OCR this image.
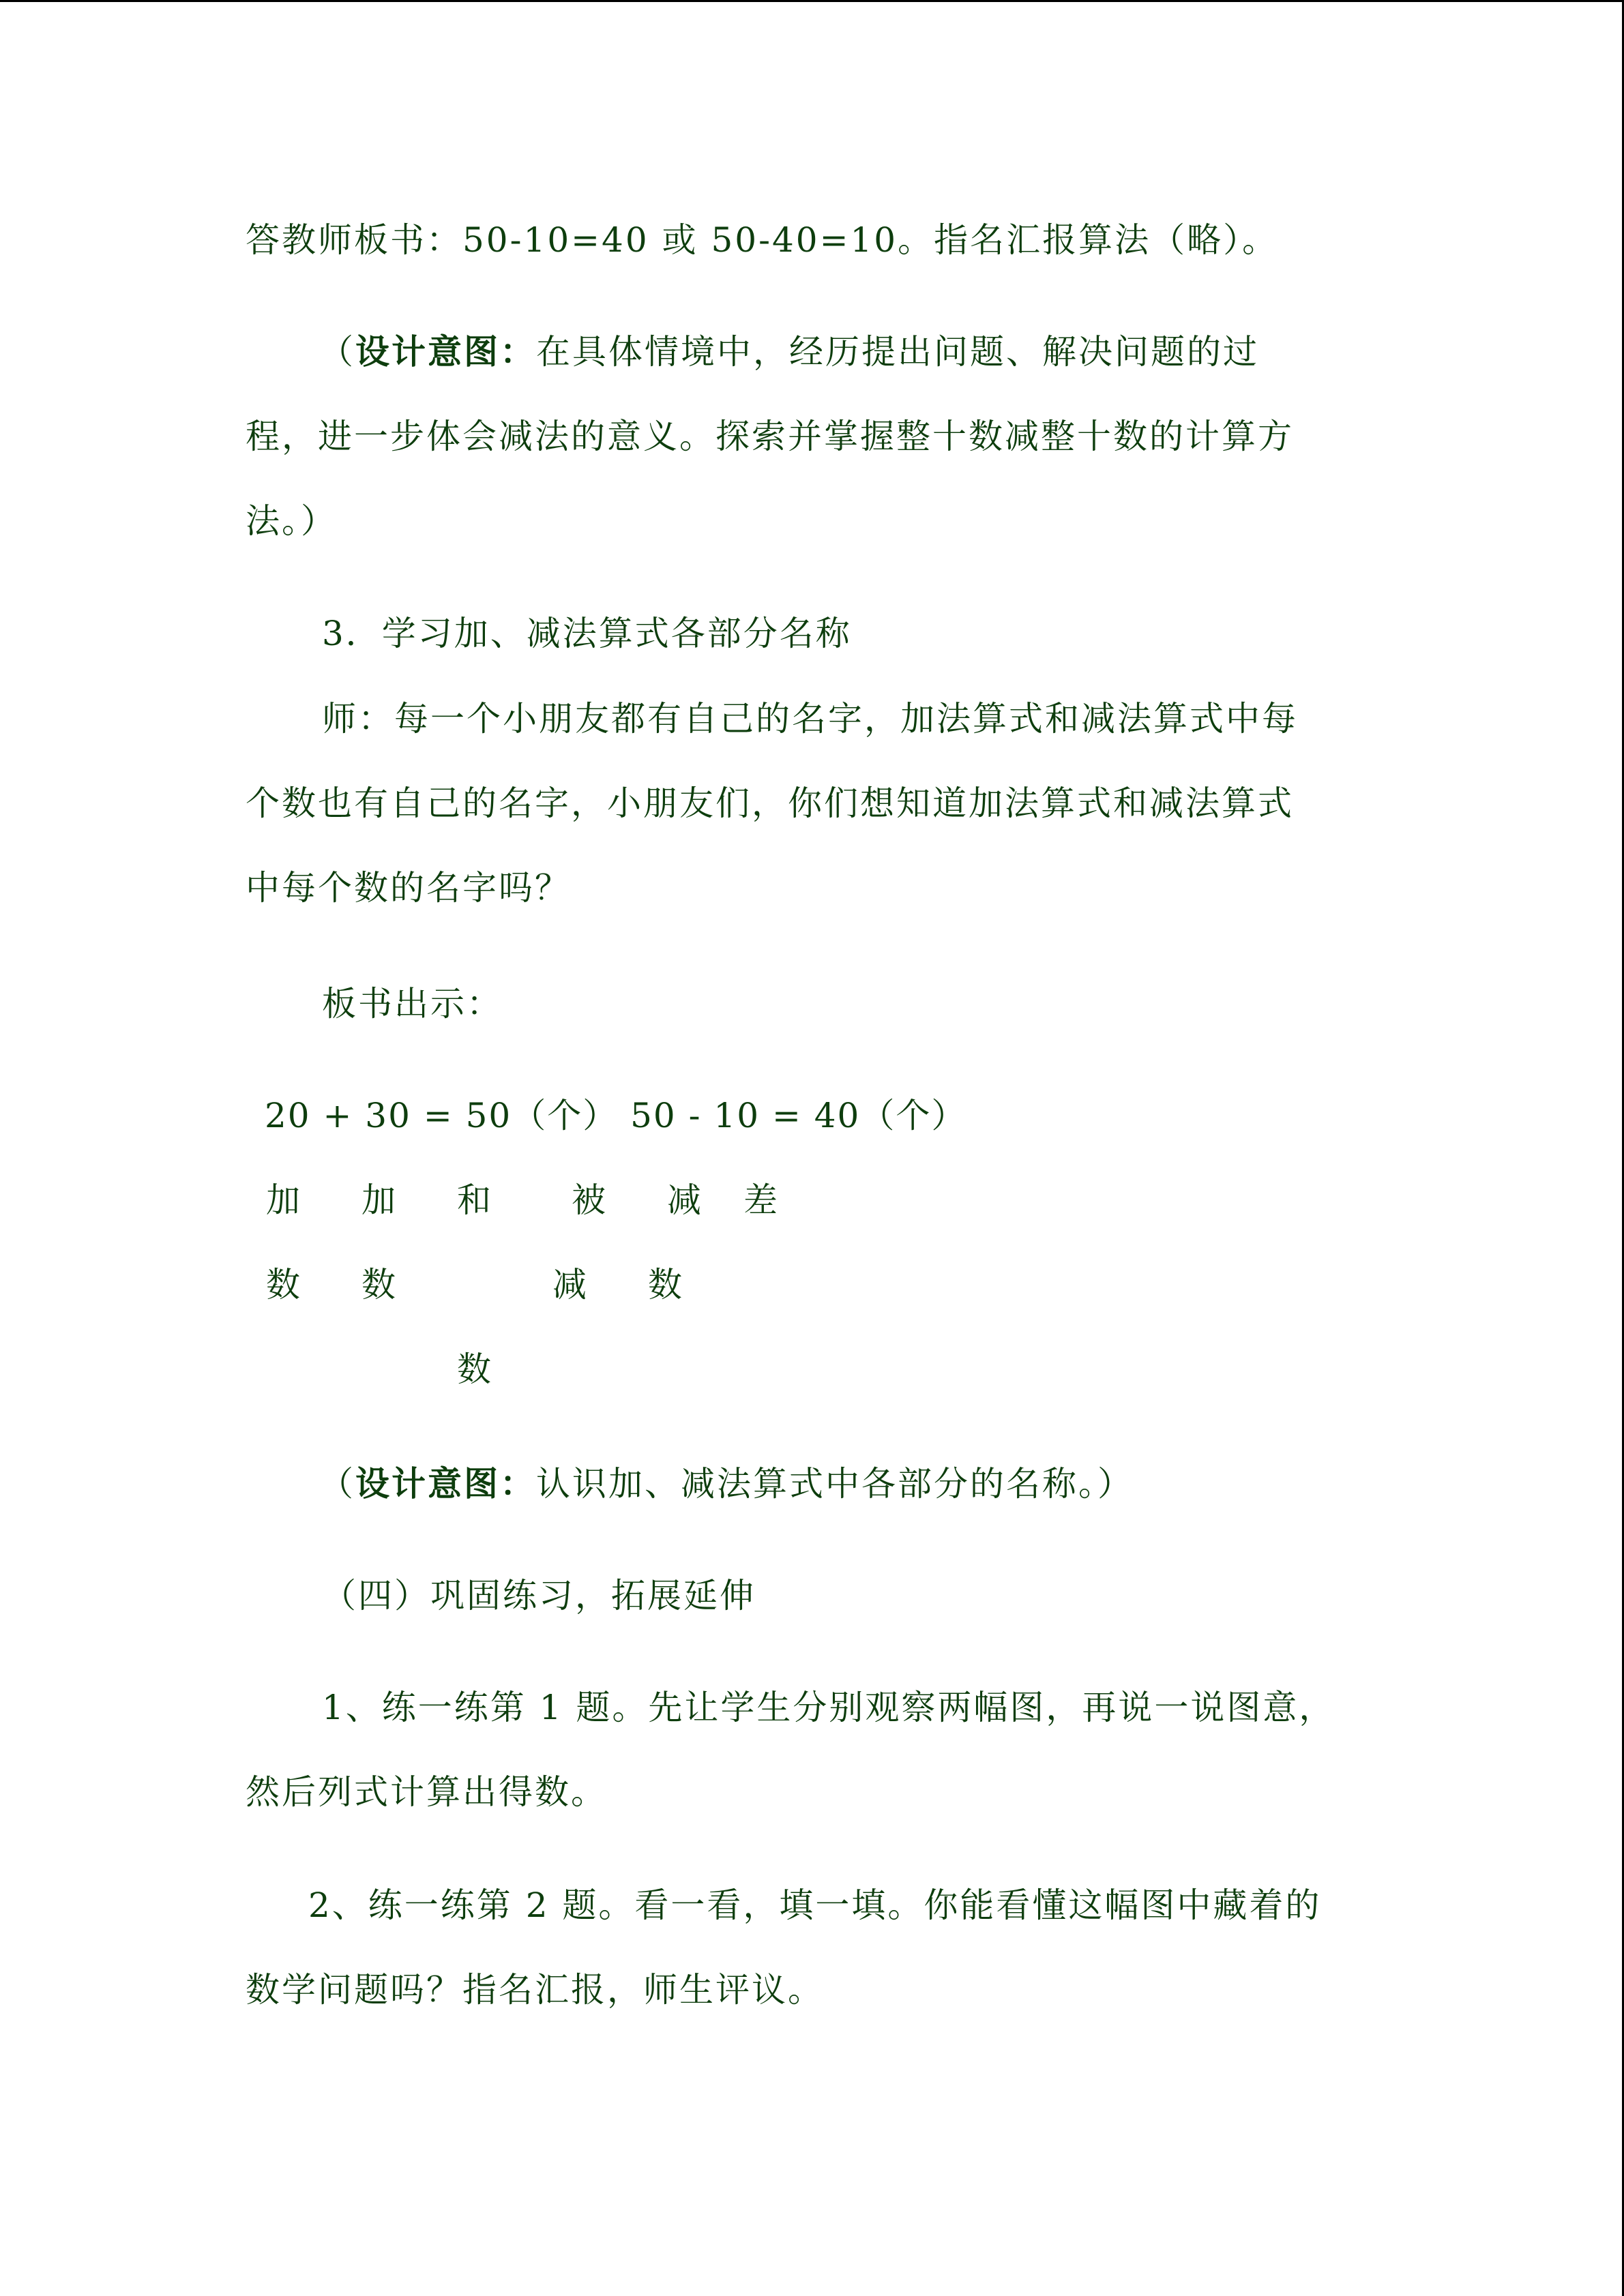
答教师板书：50-10=40 或 50-40=10。指名汇报算法（略）。
（设计意图：在具体情境中，经历提出问题、解决问题的过
程，进一步体会减法的意义。探索并掌握整十数减整十数的计算方
法。）
3．学习加、减法算式各部分名称
师：每一个小朋友都有自己的名字，加法算式和减法算式中每
个数也有自己的名字，小朋友们，你们想知道加法算式和减法算式
中每个数的名字吗？
板书出示：
20 + 30 = 50（个） 50 - 10 = 40（个）
加
数
加
数
和 被
减
数
减
数
差
（设计意图：认识加、减法算式中各部分的名称。）
（四）巩固练习，拓展延伸
1、练一练第 1 题。先让学生分别观察两幅图，再说一说图意，
然后列式计算出得数。
2、练一练第 2 题。看一看，填一填。你能看懂这幅图中藏着的
数学问题吗？指名汇报，师生评议。
